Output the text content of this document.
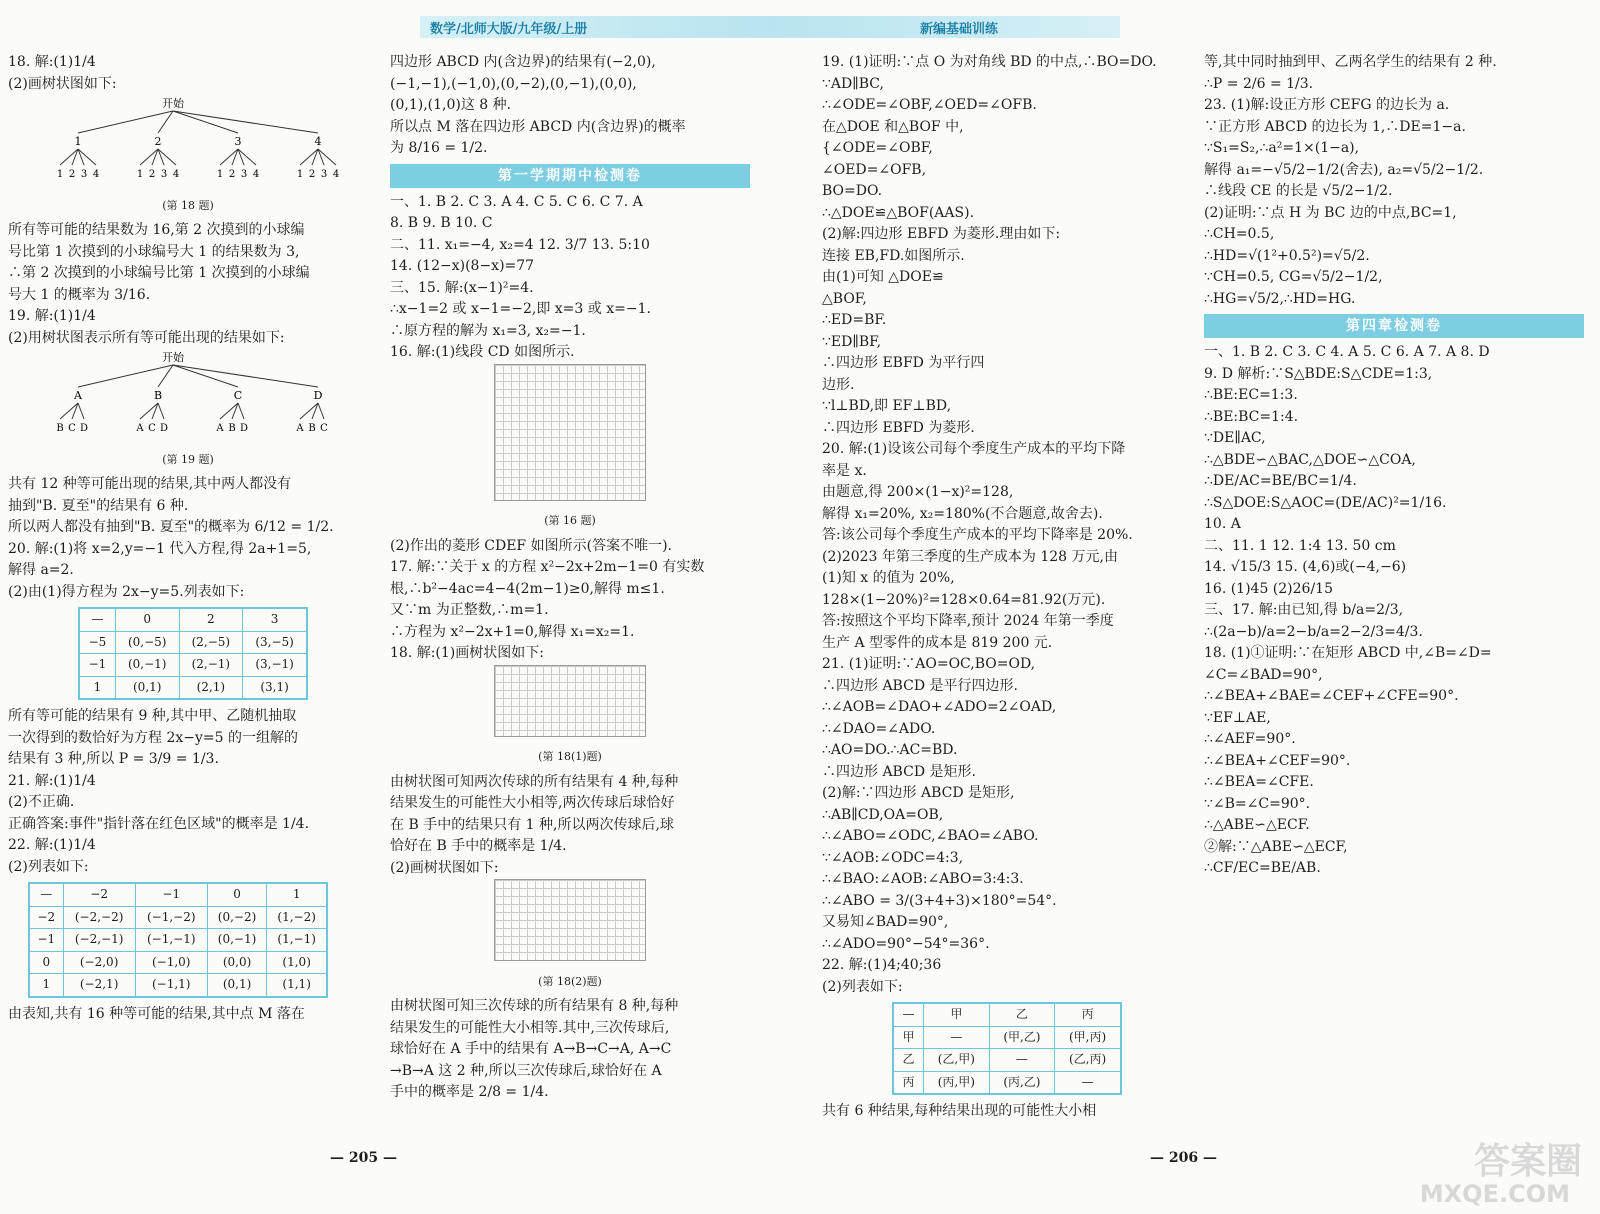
数学/北师大版/九年级/上册	新编基础训练

18. 解:(1)1/4

(2)画树状图如下:

开始
1
1 2 3 4
2
1 2 3 4
3
1 2 3 4
4
1 2 3 4
(第 18 题)

所有等可能的结果数为 16,第 2 次摸到的小球编

号比第 1 次摸到的小球编号大 1 的结果数为 3,

∴第 2 次摸到的小球编号比第 1 次摸到的小球编

号大 1 的概率为 3/16.

19. 解:(1)1/4

(2)用树状图表示所有等可能出现的结果如下:

开始
A
B C D
B
A C D
C
A B D
D
A B C
(第 19 题)

共有 12 种等可能出现的结果,其中两人都没有

抽到"B. 夏至"的结果有 6 种.

所以两人都没有抽到"B. 夏至"的概率为 6/12 = 1/2.

20. 解:(1)将 x=2,y=−1 代入方程,得 2a+1=5,

解得 a=2.

(2)由(1)得方程为 2x−y=5.列表如下:

—	0	2	3
−5	(0,−5)	(2,−5)	(3,−5)
−1	(0,−1)	(2,−1)	(3,−1)
1	(0,1)	(2,1)	(3,1)

所有等可能的结果有 9 种,其中甲、乙随机抽取

一次得到的数恰好为方程 2x−y=5 的一组解的

结果有 3 种,所以 P = 3/9 = 1/3.

21. 解:(1)1/4

(2)不正确.

正确答案:事件"指针落在红色区域"的概率是 1/4.

22. 解:(1)1/4

(2)列表如下:

—	−2	−1	0	1
−2	(−2,−2)	(−1,−2)	(0,−2)	(1,−2)
−1	(−2,−1)	(−1,−1)	(0,−1)	(1,−1)
0	(−2,0)	(−1,0)	(0,0)	(1,0)
1	(−2,1)	(−1,1)	(0,1)	(1,1)

由表知,共有 16 种等可能的结果,其中点 M 落在

四边形 ABCD 内(含边界)的结果有(−2,0),

(−1,−1),(−1,0),(0,−2),(0,−1),(0,0),

(0,1),(1,0)这 8 种.

所以点 M 落在四边形 ABCD 内(含边界)的概率

为 8/16 = 1/2.

第一学期期中检测卷

一、1. B 2. C 3. A 4. C 5. C 6. C 7. A

8. B 9. B 10. C

二、11. x₁=−4, x₂=4 12. 3/7 13. 5:10

14. (12−x)(8−x)=77

三、15. 解:(x−1)²=4.

∴x−1=2 或 x−1=−2,即 x=3 或 x=−1.

∴原方程的解为 x₁=3, x₂=−1.

16. 解:(1)线段 CD 如图所示.

(第 16 题)

(2)作出的菱形 CDEF 如图所示(答案不唯一).

17. 解:∵关于 x 的方程 x²−2x+2m−1=0 有实数

根,∴b²−4ac=4−4(2m−1)≥0,解得 m≤1.

又∵m 为正整数,∴m=1.

∴方程为 x²−2x+1=0,解得 x₁=x₂=1.

18. 解:(1)画树状图如下:

(第 18(1)题)

由树状图可知两次传球的所有结果有 4 种,每种

结果发生的可能性大小相等,两次传球后球恰好

在 B 手中的结果只有 1 种,所以两次传球后,球

恰好在 B 手中的概率是 1/4.

(2)画树状图如下:

(第 18(2)题)

由树状图可知三次传球的所有结果有 8 种,每种

结果发生的可能性大小相等.其中,三次传球后,

球恰好在 A 手中的结果有 A→B→C→A, A→C

→B→A 这 2 种,所以三次传球后,球恰好在 A

手中的概率是 2/8 = 1/4.

19. (1)证明:∵点 O 为对角线 BD 的中点,∴BO=DO.

∵AD∥BC,

∴∠ODE=∠OBF,∠OED=∠OFB.

在△DOE 和△BOF 中,

{∠ODE=∠OBF,

∠OED=∠OFB,

BO=DO.

∴△DOE≌△BOF(AAS).

(2)解:四边形 EBFD 为菱形.理由如下:

连接 EB,FD.如图所示.

由(1)可知 △DOE≌

△BOF,

∴ED=BF.

∵ED∥BF,

∴四边形 EBFD 为平行四

边形.

∵l⊥BD,即 EF⊥BD,

∴四边形 EBFD 为菱形.

20. 解:(1)设该公司每个季度生产成本的平均下降

率是 x.

由题意,得 200×(1−x)²=128,

解得 x₁=20%, x₂=180%(不合题意,故舍去).

答:该公司每个季度生产成本的平均下降率是 20%.

(2)2023 年第三季度的生产成本为 128 万元,由

(1)知 x 的值为 20%,

128×(1−20%)²=128×0.64=81.92(万元).

答:按照这个平均下降率,预计 2024 年第一季度

生产 A 型零件的成本是 819 200 元.

21. (1)证明:∵AO=OC,BO=OD,

∴四边形 ABCD 是平行四边形.

∴∠AOB=∠DAO+∠ADO=2∠OAD,

∴∠DAO=∠ADO.

∴AO=DO.∴AC=BD.

∴四边形 ABCD 是矩形.

(2)解:∵四边形 ABCD 是矩形,

∴AB∥CD,OA=OB,

∴∠ABO=∠ODC,∠BAO=∠ABO.

∵∠AOB:∠ODC=4:3,

∴∠BAO:∠AOB:∠ABO=3:4:3.

∴∠ABO = 3/(3+4+3)×180°=54°.

又易知∠BAD=90°,

∴∠ADO=90°−54°=36°.

22. 解:(1)4;40;36

(2)列表如下:

—	甲	乙	丙
甲	—	(甲,乙)	(甲,丙)
乙	(乙,甲)	—	(乙,丙)
丙	(丙,甲)	(丙,乙)	—

共有 6 种结果,每种结果出现的可能性大小相

等,其中同时抽到甲、乙两名学生的结果有 2 种.

∴P = 2/6 = 1/3.

23. (1)解:设正方形 CEFG 的边长为 a.

∵正方形 ABCD 的边长为 1,∴DE=1−a.

∵S₁=S₂,∴a²=1×(1−a),

解得 a₁=−√5/2−1/2(舍去), a₂=√5/2−1/2.

∴线段 CE 的长是 √5/2−1/2.

(2)证明:∵点 H 为 BC 边的中点,BC=1,

∴CH=0.5,

∴HD=√(1²+0.5²)=√5/2.

∵CH=0.5, CG=√5/2−1/2,

∴HG=√5/2,∴HD=HG.

第四章检测卷

一、1. B 2. C 3. C 4. A 5. C 6. A 7. A 8. D

9. D 解析:∵S△BDE:S△CDE=1:3,

∴BE:EC=1:3.

∴BE:BC=1:4.

∵DE∥AC,

∴△BDE∽△BAC,△DOE∽△COA,

∴DE/AC=BE/BC=1/4.

∴S△DOE:S△AOC=(DE/AC)²=1/16.

10. A

二、11. 1 12. 1:4 13. 50 cm

14. √15/3 15. (4,6)或(−4,−6)

16. (1)45 (2)26/15

三、17. 解:由已知,得 b/a=2/3,

∴(2a−b)/a=2−b/a=2−2/3=4/3.

18. (1)①证明:∵在矩形 ABCD 中,∠B=∠D=

∠C=∠BAD=90°,

∴∠BEA+∠BAE=∠CEF+∠CFE=90°.

∵EF⊥AE,

∴∠AEF=90°.

∴∠BEA+∠CEF=90°.

∴∠BEA=∠CFE.

∵∠B=∠C=90°.

∴△ABE∽△ECF.

②解:∵△ABE∽△ECF,

∴CF/EC=BE/AB.

— 205 —	— 206 —	答案圈
MXQE.COM
